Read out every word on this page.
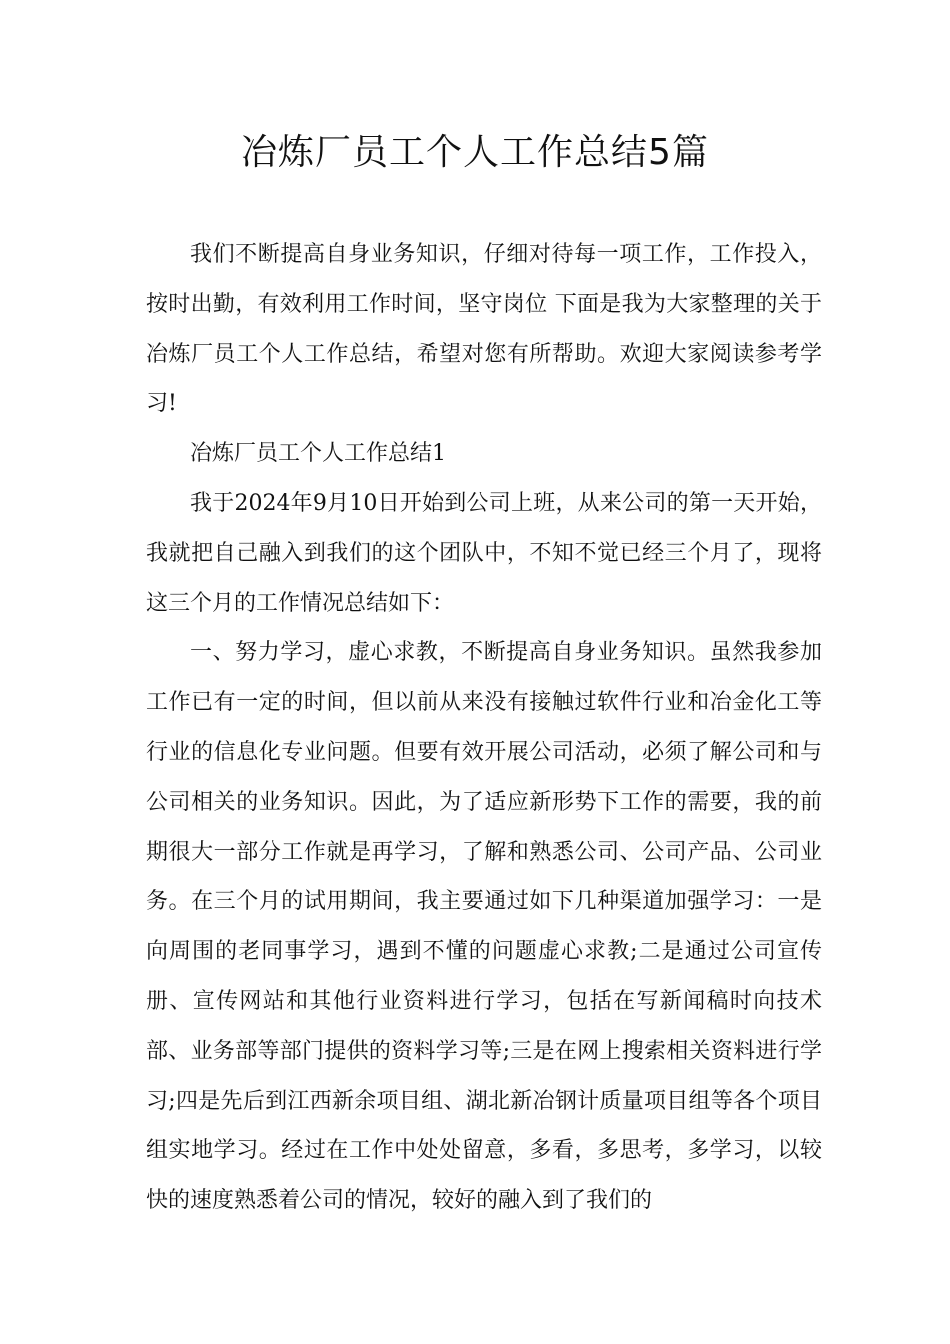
冶炼厂员工个人工作总结5篇

我们不断提高自身业务知识，仔细对待每一项工作，工作投入，按时出勤，有效利用工作时间，坚守岗位 下面是我为大家整理的关于冶炼厂员工个人工作总结，希望对您有所帮助。欢迎大家阅读参考学习!

冶炼厂员工个人工作总结1

我于2024年9月10日开始到公司上班，从来公司的第一天开始，我就把自己融入到我们的这个团队中，不知不觉已经三个月了，现将这三个月的工作情况总结如下：

一、努力学习，虚心求教，不断提高自身业务知识。虽然我参加工作已有一定的时间，但以前从来没有接触过软件行业和冶金化工等行业的信息化专业问题。但要有效开展公司活动，必须了解公司和与公司相关的业务知识。因此，为了适应新形势下工作的需要，我的前期很大一部分工作就是再学习，了解和熟悉公司、公司产品、公司业务。在三个月的试用期间，我主要通过如下几种渠道加强学习：一是向周围的老同事学习，遇到不懂的问题虚心求教;二是通过公司宣传册、宣传网站和其他行业资料进行学习，包括在写新闻稿时向技术部、业务部等部门提供的资料学习等;三是在网上搜索相关资料进行学习;四是先后到江西新余项目组、湖北新冶钢计质量项目组等各个项目组实地学习。经过在工作中处处留意，多看，多思考，多学习，以较快的速度熟悉着公司的情况，较好的融入到了我们的
